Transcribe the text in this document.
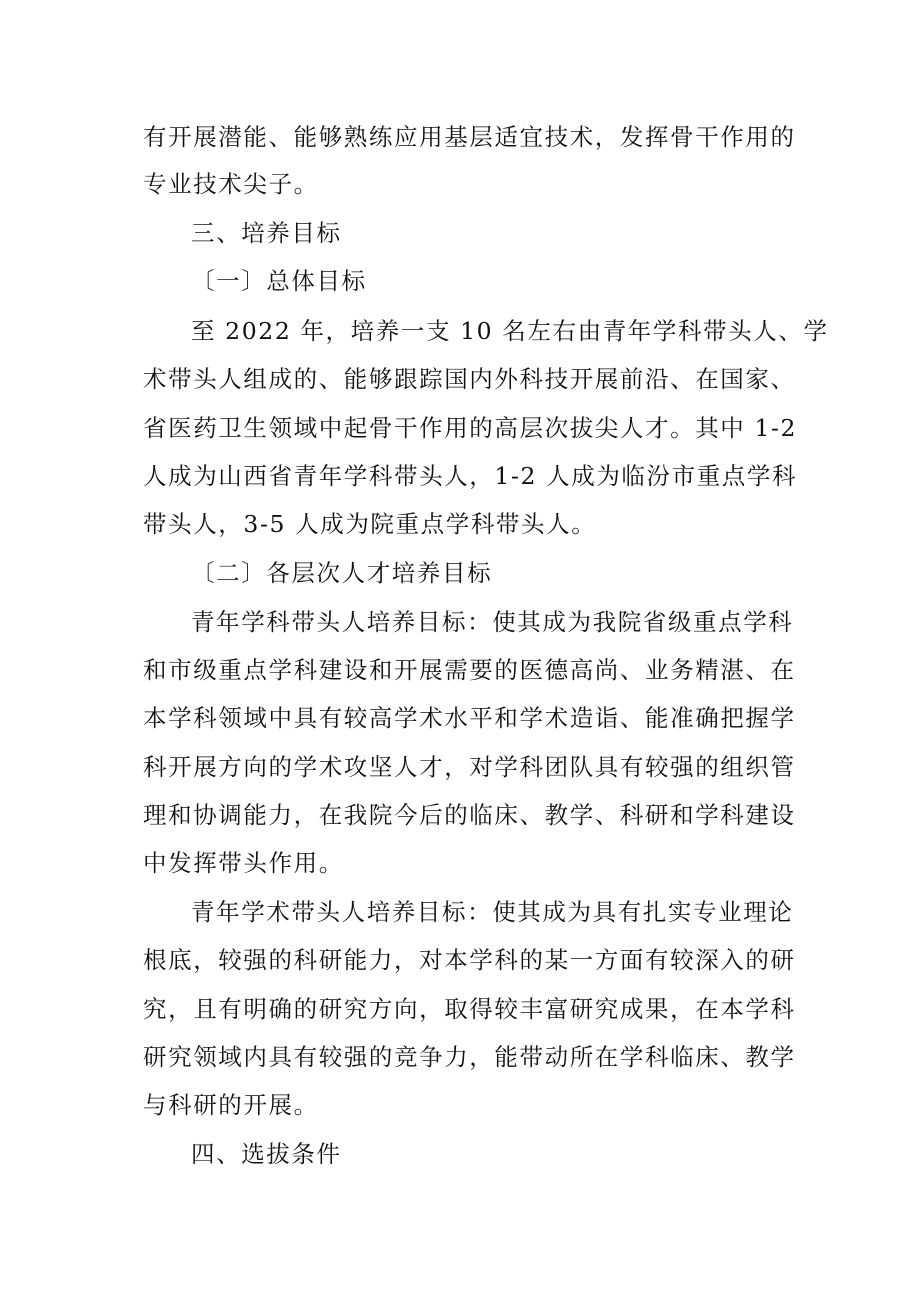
有开展潜能、能够熟练应用基层适宜技术，发挥骨干作用的
专业技术尖子。
三、培养目标
〔一〕总体目标
至 2022 年，培养一支 10 名左右由青年学科带头人、学
术带头人组成的、能够跟踪国内外科技开展前沿、在国家、
省医药卫生领域中起骨干作用的高层次拔尖人才。其中 1-2
人成为山西省青年学科带头人，1-2 人成为临汾市重点学科
带头人，3-5 人成为院重点学科带头人。
〔二〕各层次人才培养目标
青年学科带头人培养目标：使其成为我院省级重点学科
和市级重点学科建设和开展需要的医德高尚、业务精湛、在
本学科领域中具有较高学术水平和学术造诣、能准确把握学
科开展方向的学术攻坚人才，对学科团队具有较强的组织管
理和协调能力，在我院今后的临床、教学、科研和学科建设
中发挥带头作用。
青年学术带头人培养目标：使其成为具有扎实专业理论
根底，较强的科研能力，对本学科的某一方面有较深入的研
究，且有明确的研究方向，取得较丰富研究成果，在本学科
研究领域内具有较强的竞争力，能带动所在学科临床、教学
与科研的开展。
四、选拔条件
